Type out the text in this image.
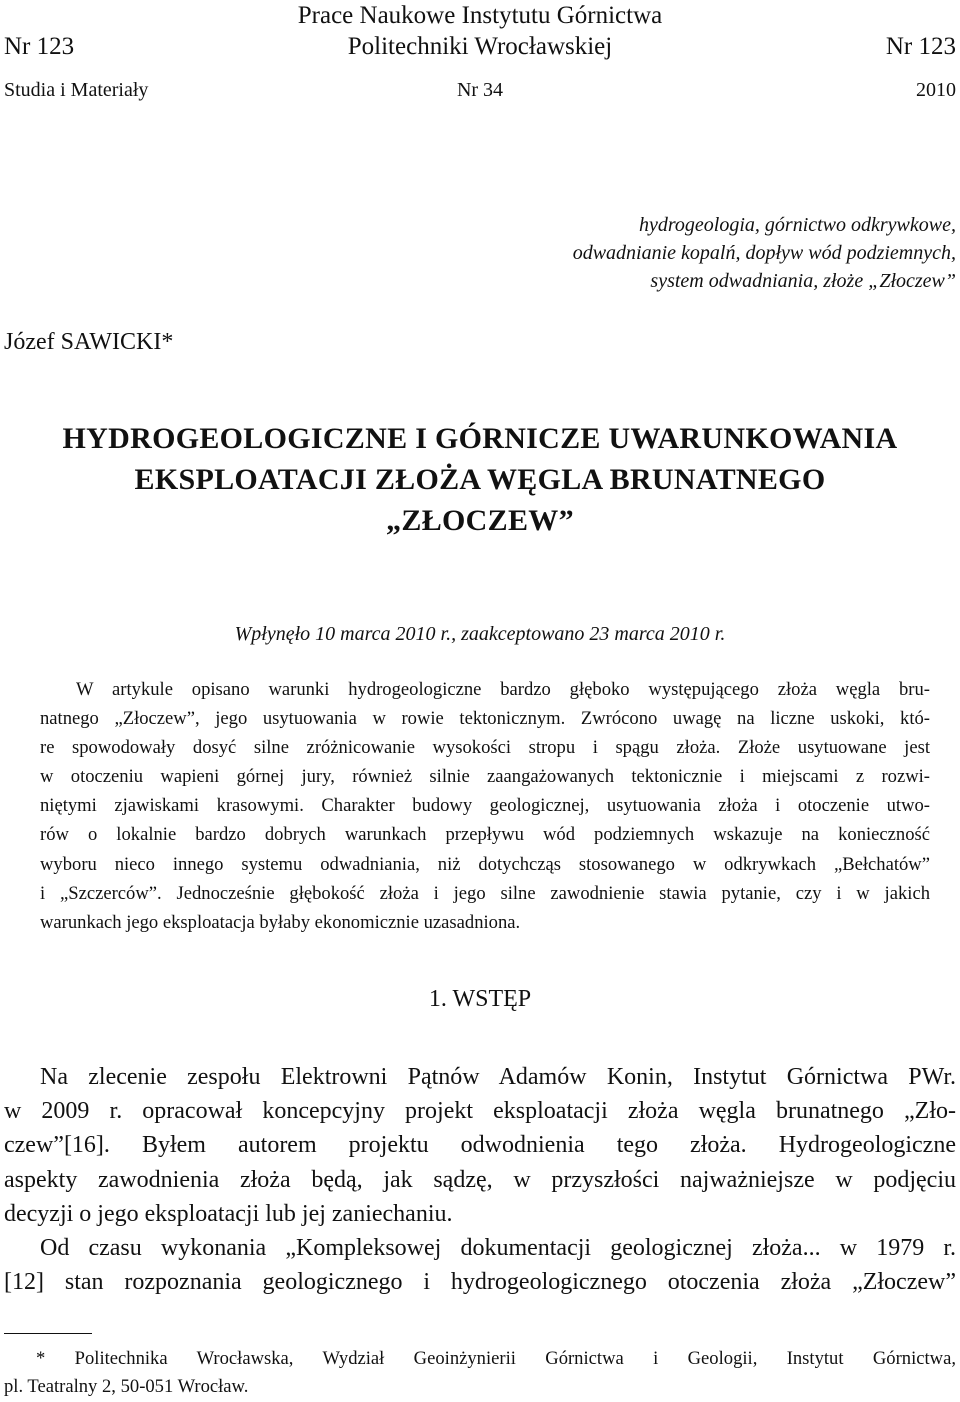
Prace Naukowe Instytutu Górnictwa
Nr 123	Politechniki Wrocławskiej	Nr 123
Studia i Materiały	Nr 34	2010
hydrogeologia, górnictwo odkrywkowe,
odwadnianie kopalń, dopływ wód podziemnych,
system odwadniania, złoże „Złoczew”
Józef SAWICKI*
HYDROGEOLOGICZNE I GÓRNICZE UWARUNKOWANIA
EKSPLOATACJI ZŁOŻA WĘGLA BRUNATNEGO
„ZŁOCZEW”
Wpłynęło 10 marca 2010 r., zaakceptowano 23 marca 2010 r.
W artykule opisano warunki hydrogeologiczne bardzo głęboko występującego złoża węgla bru-
natnego „Złoczew”, jego usytuowania w rowie tektonicznym. Zwrócono uwagę na liczne uskoki, któ-
re spowodowały dosyć silne zróżnicowanie wysokości stropu i spągu złoża. Złoże usytuowane jest
w otoczeniu wapieni górnej jury, również silnie zaangażowanych tektonicznie i miejscami z rozwi-
niętymi zjawiskami krasowymi. Charakter budowy geologicznej, usytuowania złoża i otoczenie utwo-
rów o lokalnie bardzo dobrych warunkach przepływu wód podziemnych wskazuje na konieczność
wyboru nieco innego systemu odwadniania, niż dotychcząs stosowanego w odkrywkach „Bełchatów”
i „Szczerców”. Jednocześnie głębokość złoża i jego silne zawodnienie stawia pytanie, czy i w jakich
warunkach jego eksploatacja byłaby ekonomicznie uzasadniona.
1. WSTĘP
Na zlecenie zespołu Elektrowni Pątnów Adamów Konin, Instytut Górnictwa PWr.
w 2009 r. opracował koncepcyjny projekt eksploatacji złoża węgla brunatnego „Zło-
czew”[16]. Byłem autorem projektu odwodnienia tego złoża. Hydrogeologiczne
aspekty zawodnienia złoża będą, jak sądzę, w przyszłości najważniejsze w podjęciu
decyzji o jego eksploatacji lub jej zaniechaniu.
Od czasu wykonania „Kompleksowej dokumentacji geologicznej złoża... w 1979 r.
[12] stan rozpoznania geologicznego i hydrogeologicznego otoczenia złoża „Złoczew”
* Politechnika Wrocławska, Wydział Geoinżynierii Górnictwa i Geologii, Instytut Górnictwa,
pl. Teatralny 2, 50-051 Wrocław.
